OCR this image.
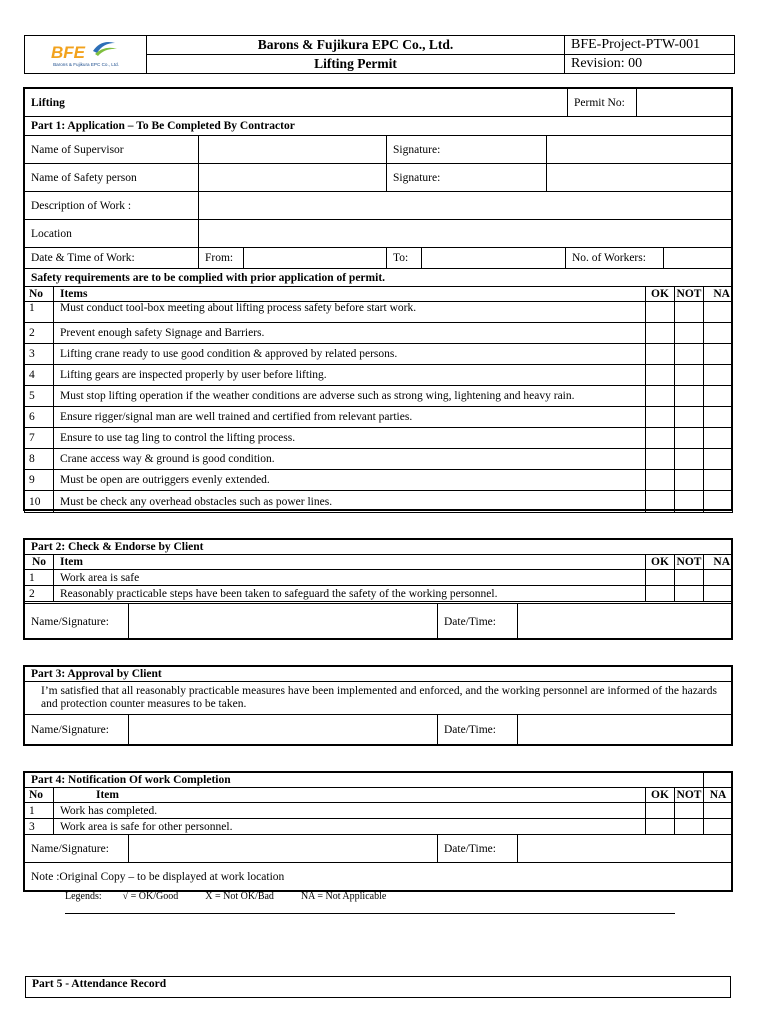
BFE
Barons & Fujikura EPC Co., Ltd.	Barons & Fujikura EPC Co., Ltd.	BFE-Project-PTW-001
	Lifting Permit	Revision: 00
Lifting				Permit No:	
Part 1: Application – To Be Completed By Contractor					
Name of Supervisor		Signature:			
Name of Safety person		Signature:			
Description of Work :					
Location					
Date & Time of Work:	From:		To:		No. of Workers:	
Safety requirements are to be complied with prior application of permit.
No	Items	OK	NOT	NA
1	Must conduct tool-box meeting about lifting process safety before start work.			
2	Prevent enough safety Signage and Barriers.			
3	Lifting crane ready to use good condition & approved by related persons.			
4	Lifting gears are inspected properly by user before lifting.			
5	Must stop lifting operation if the weather conditions are adverse such as strong wing, lightening and heavy rain.			
6	Ensure rigger/signal man are well trained and certified from relevant parties.			
7	Ensure to use tag ling to control the lifting process.			
8	Crane access way & ground is good condition.			
9	Must be open are outriggers evenly extended.			
10	Must be check any overhead obstacles such as power lines.			
Part 2: Check & Endorse by Client				
No	Item	OK	NOT	NA
1	Work area is safe			
2	Reasonably practicable steps have been taken to safeguard the safety of the working personnel.			
Name/Signature:		Date/Time:	
Part 3: Approval by Client
I’m satisfied that all reasonably practicable measures have been implemented and enforced, and the working personnel are informed of the hazards and protection counter measures to be taken.
Name/Signature:		Date/Time:	
Part 4: Notification Of work Completion				
No	Item	OK	NOT	NA
1	Work has completed.			
3	Work area is safe for other personnel.			
Name/Signature:		Date/Time:	
Note :Original Copy – to be displayed at work location
Legends: √ = OK/Good	X = Not OK/Bad	NA = Not Applicable
Part 5 - Attendance Record
